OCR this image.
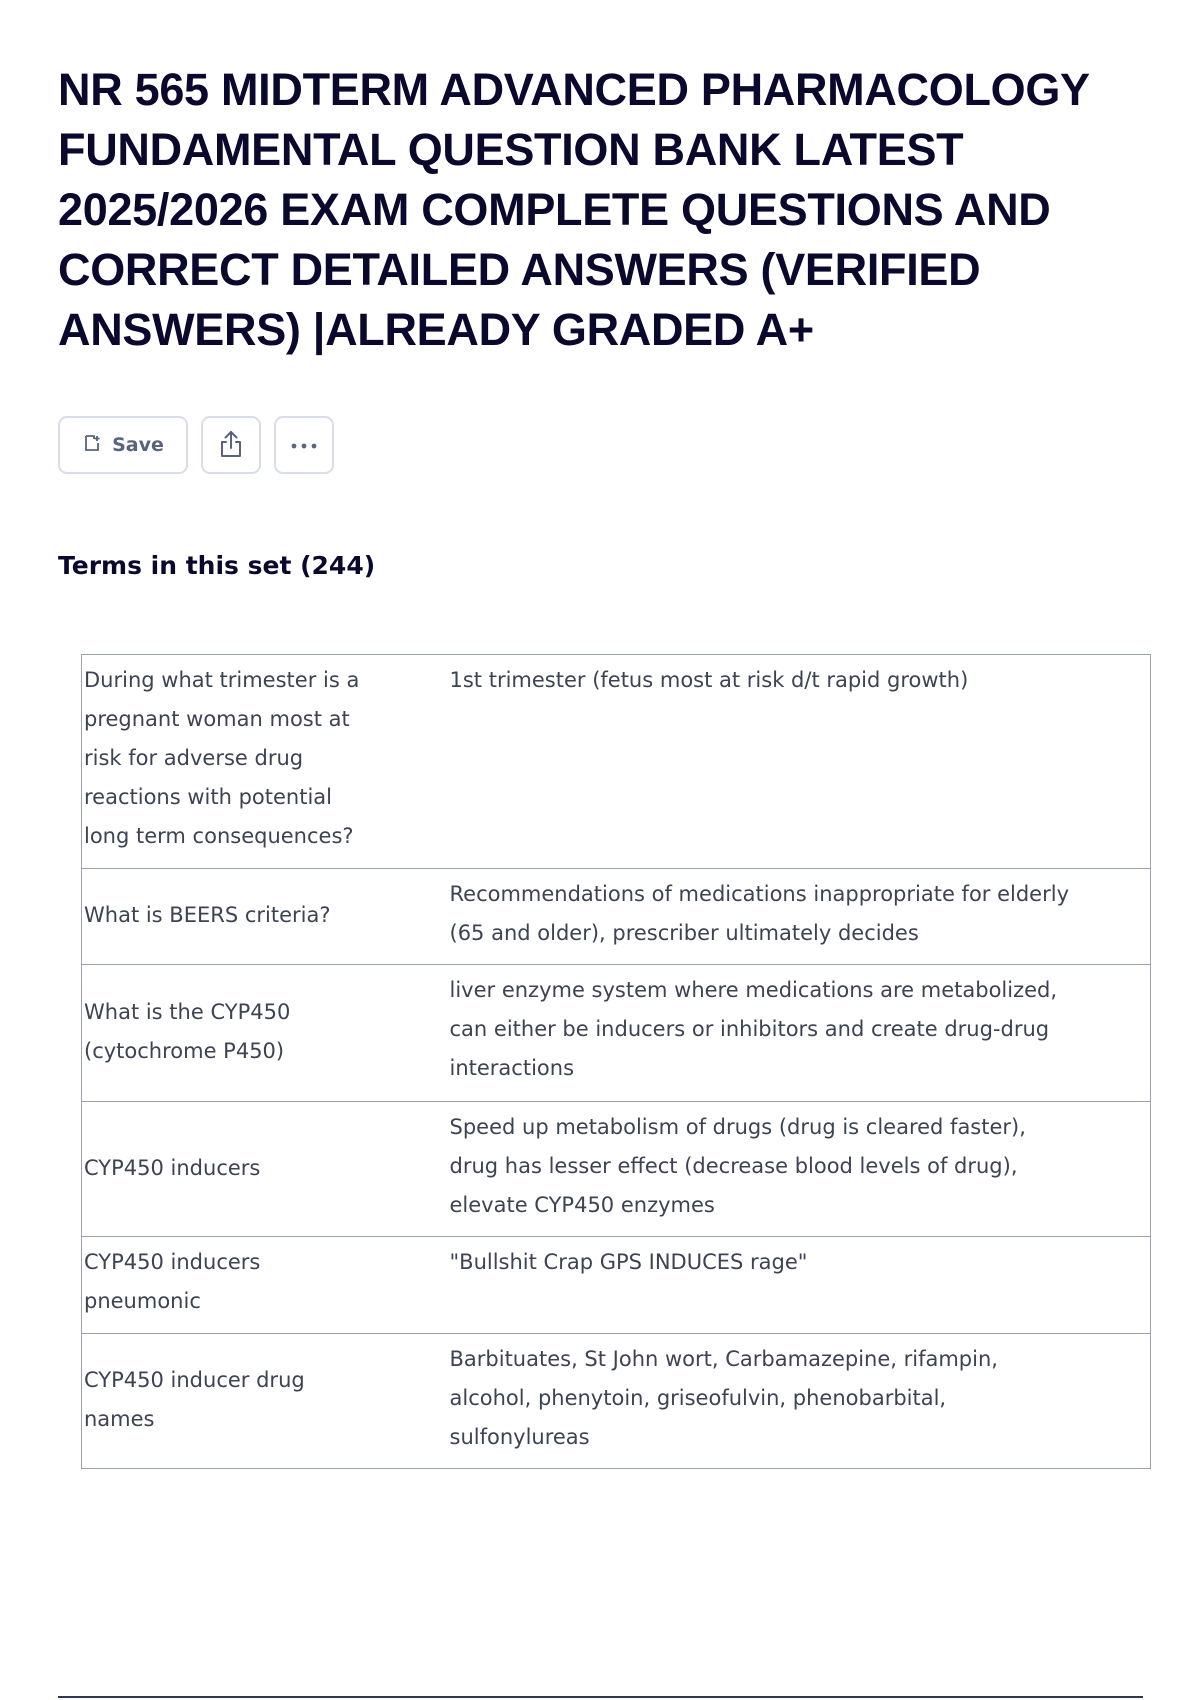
NR 565 MIDTERM ADVANCED PHARMACOLOGY FUNDAMENTAL QUESTION BANK LATEST 2025/2026 EXAM COMPLETE QUESTIONS AND CORRECT DETAILED ANSWERS (VERIFIED ANSWERS) |ALREADY GRADED A+
Save
Terms in this set (244)
During what trimester is a pregnant woman most at risk for adverse drug reactions with potential long term consequences?	1st trimester (fetus most at risk d/t rapid growth)
What is BEERS criteria?	Recommendations of medications inappropriate for elderly (65 and older), prescriber ultimately decides
What is the CYP450 (cytochrome P450)	liver enzyme system where medications are metabolized, can either be inducers or inhibitors and create drug-drug interactions
CYP450 inducers	Speed up metabolism of drugs (drug is cleared faster), drug has lesser effect (decrease blood levels of drug), elevate CYP450 enzymes
CYP450 inducers pneumonic	"Bullshit Crap GPS INDUCES rage"
CYP450 inducer drug names	Barbituates, St John wort, Carbamazepine, rifampin, alcohol, phenytoin, griseofulvin, phenobarbital, sulfonylureas
